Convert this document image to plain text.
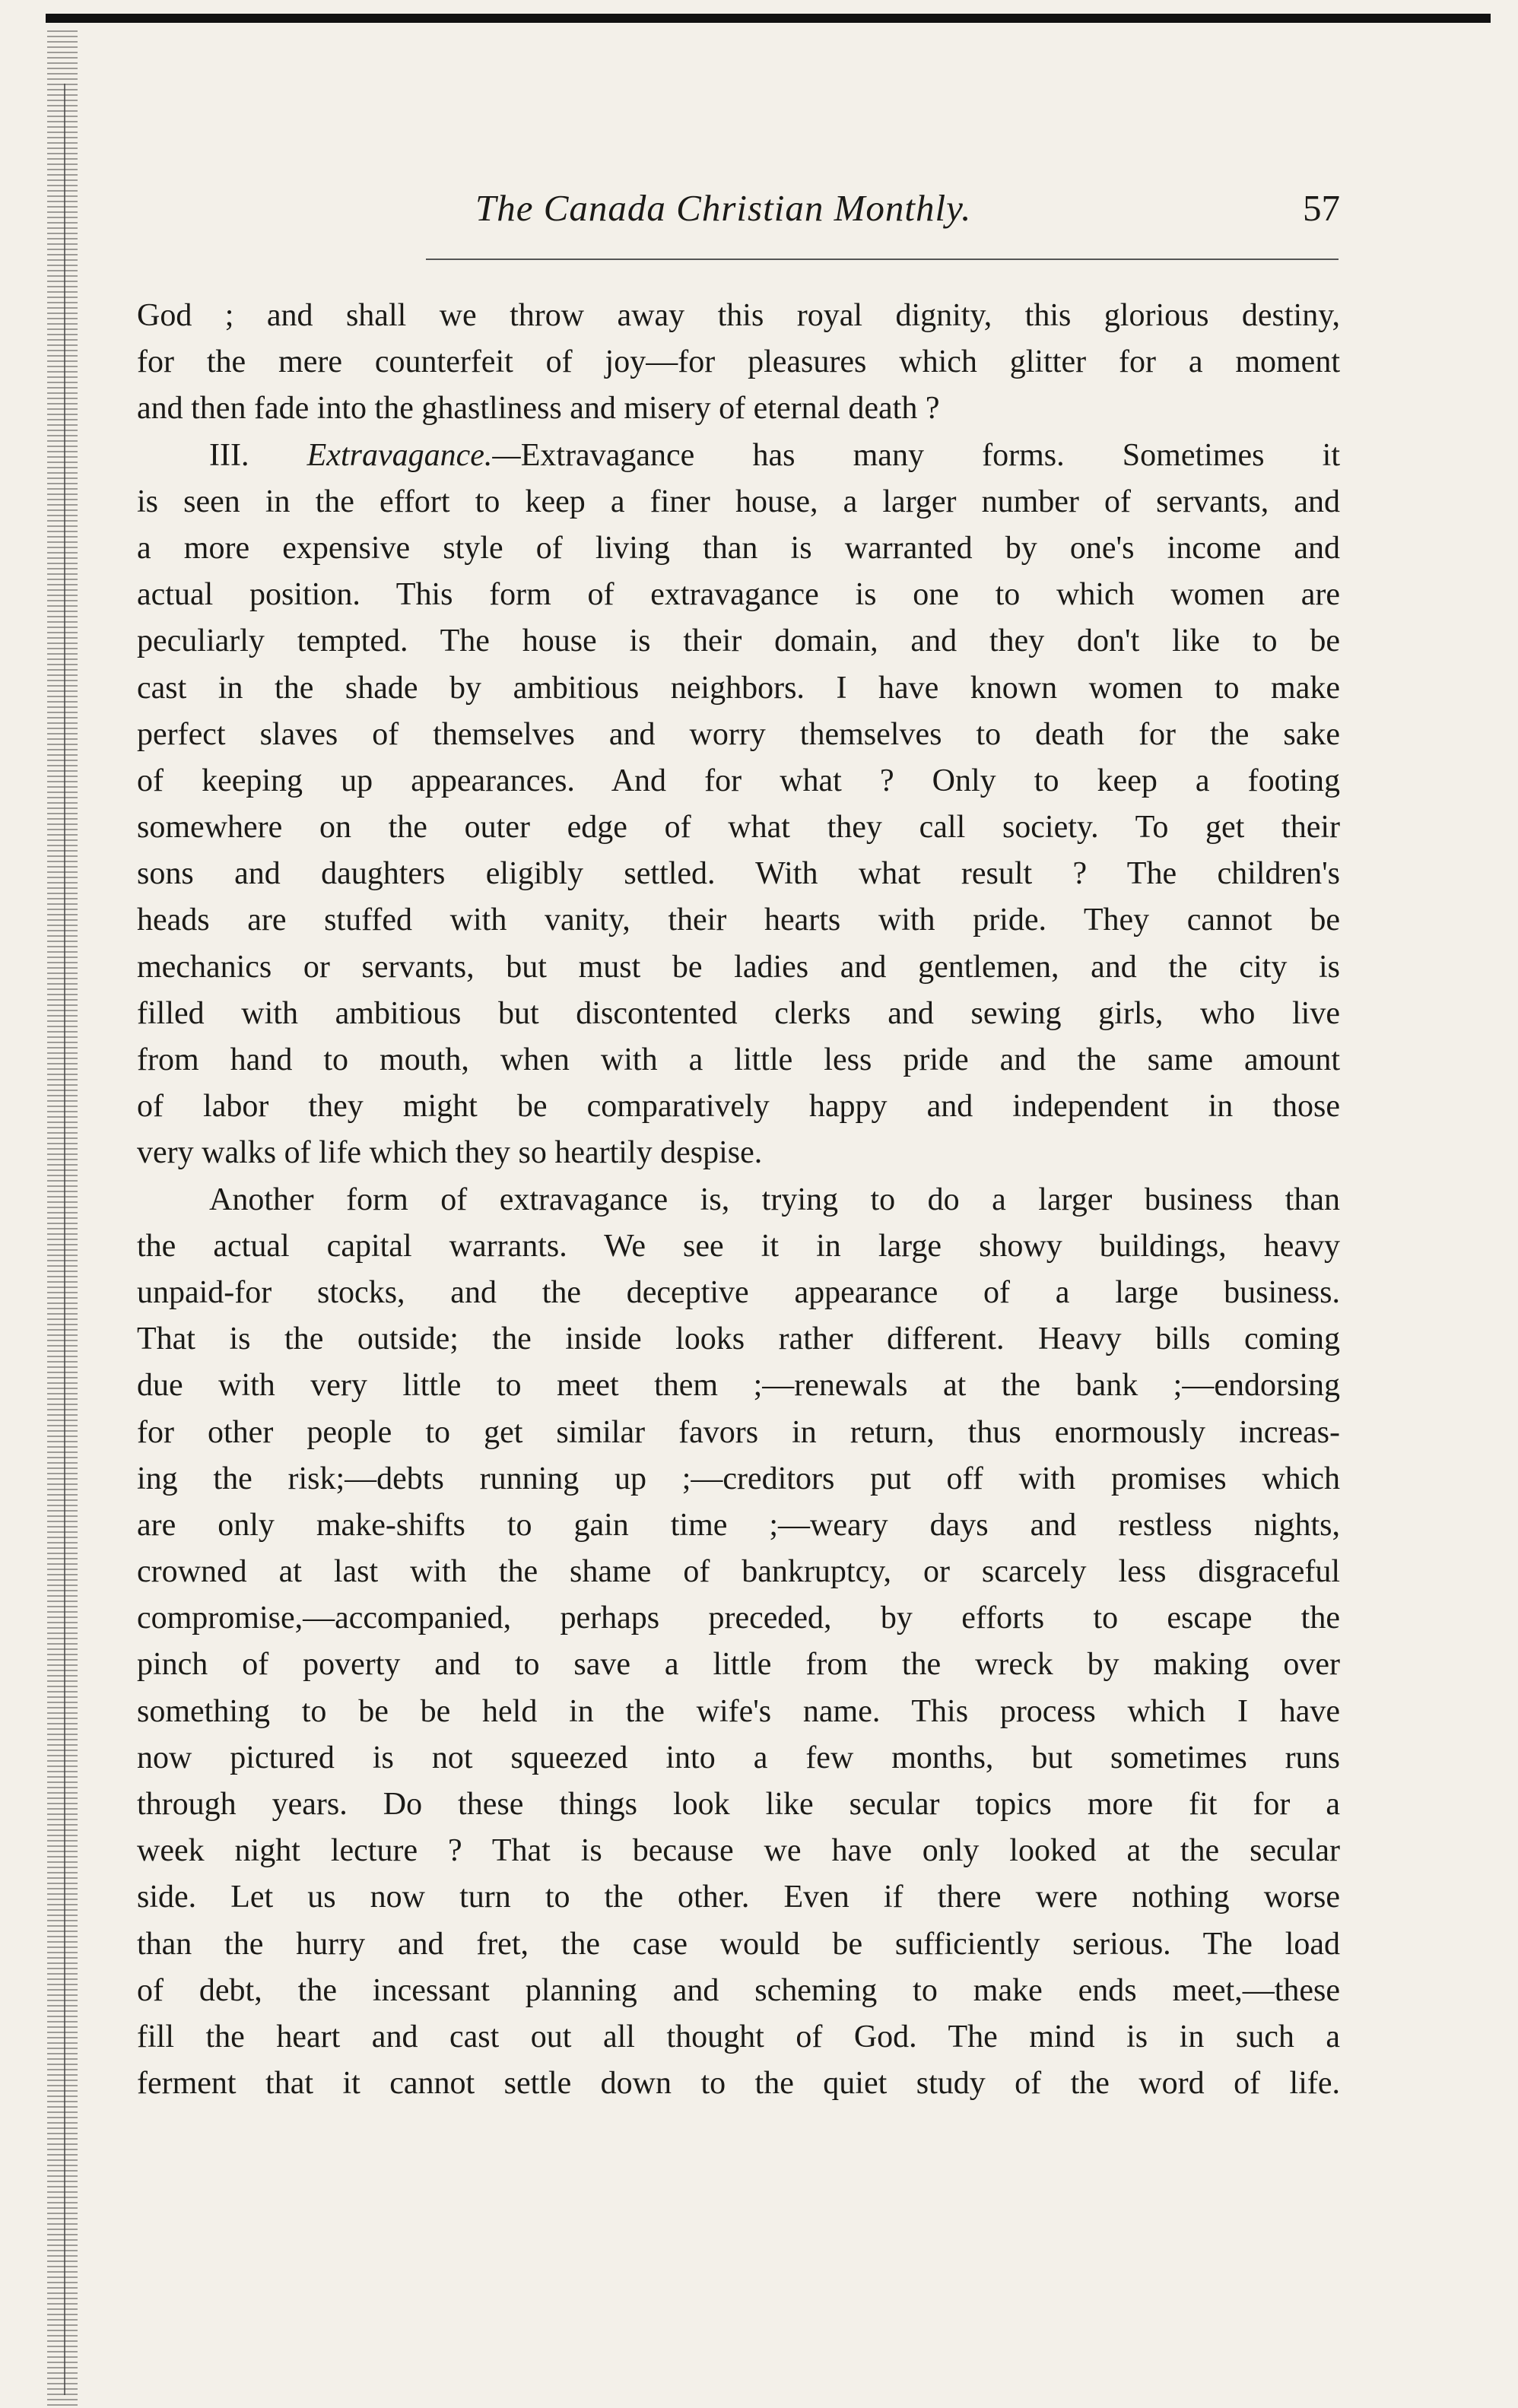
The Canada Christian Monthly.	57
God ; and shall we throw away this royal dignity, this glorious destiny,
for the mere counterfeit of joy—for pleasures which glitter for a moment
and then fade into the ghastliness and misery of eternal death ?
III. Extravagance.—Extravagance has many forms. Sometimes it
is seen in the effort to keep a finer house, a larger number of servants, and
a more expensive style of living than is warranted by one's income and
actual position. This form of extravagance is one to which women are
peculiarly tempted. The house is their domain, and they don't like to be
cast in the shade by ambitious neighbors. I have known women to make
perfect slaves of themselves and worry themselves to death for the sake
of keeping up appearances. And for what ? Only to keep a footing
somewhere on the outer edge of what they call society. To get their
sons and daughters eligibly settled. With what result ? The children's
heads are stuffed with vanity, their hearts with pride. They cannot be
mechanics or servants, but must be ladies and gentlemen, and the city is
filled with ambitious but discontented clerks and sewing girls, who live
from hand to mouth, when with a little less pride and the same amount
of labor they might be comparatively happy and independent in those
very walks of life which they so heartily despise.
Another form of extravagance is, trying to do a larger business than
the actual capital warrants. We see it in large showy buildings, heavy
unpaid-for stocks, and the deceptive appearance of a large business.
That is the outside; the inside looks rather different. Heavy bills coming
due with very little to meet them ;—renewals at the bank ;—endorsing
for other people to get similar favors in return, thus enormously increas-
ing the risk;—debts running up ;—creditors put off with promises which
are only make-shifts to gain time ;—weary days and restless nights,
crowned at last with the shame of bankruptcy, or scarcely less disgraceful
compromise,—accompanied, perhaps preceded, by efforts to escape the
pinch of poverty and to save a little from the wreck by making over
something to be be held in the wife's name. This process which I have
now pictured is not squeezed into a few months, but sometimes runs
through years. Do these things look like secular topics more fit for a
week night lecture ? That is because we have only looked at the secular
side. Let us now turn to the other. Even if there were nothing worse
than the hurry and fret, the case would be sufficiently serious. The load
of debt, the incessant planning and scheming to make ends meet,—these
fill the heart and cast out all thought of God. The mind is in such a
ferment that it cannot settle down to the quiet study of the word of life.
